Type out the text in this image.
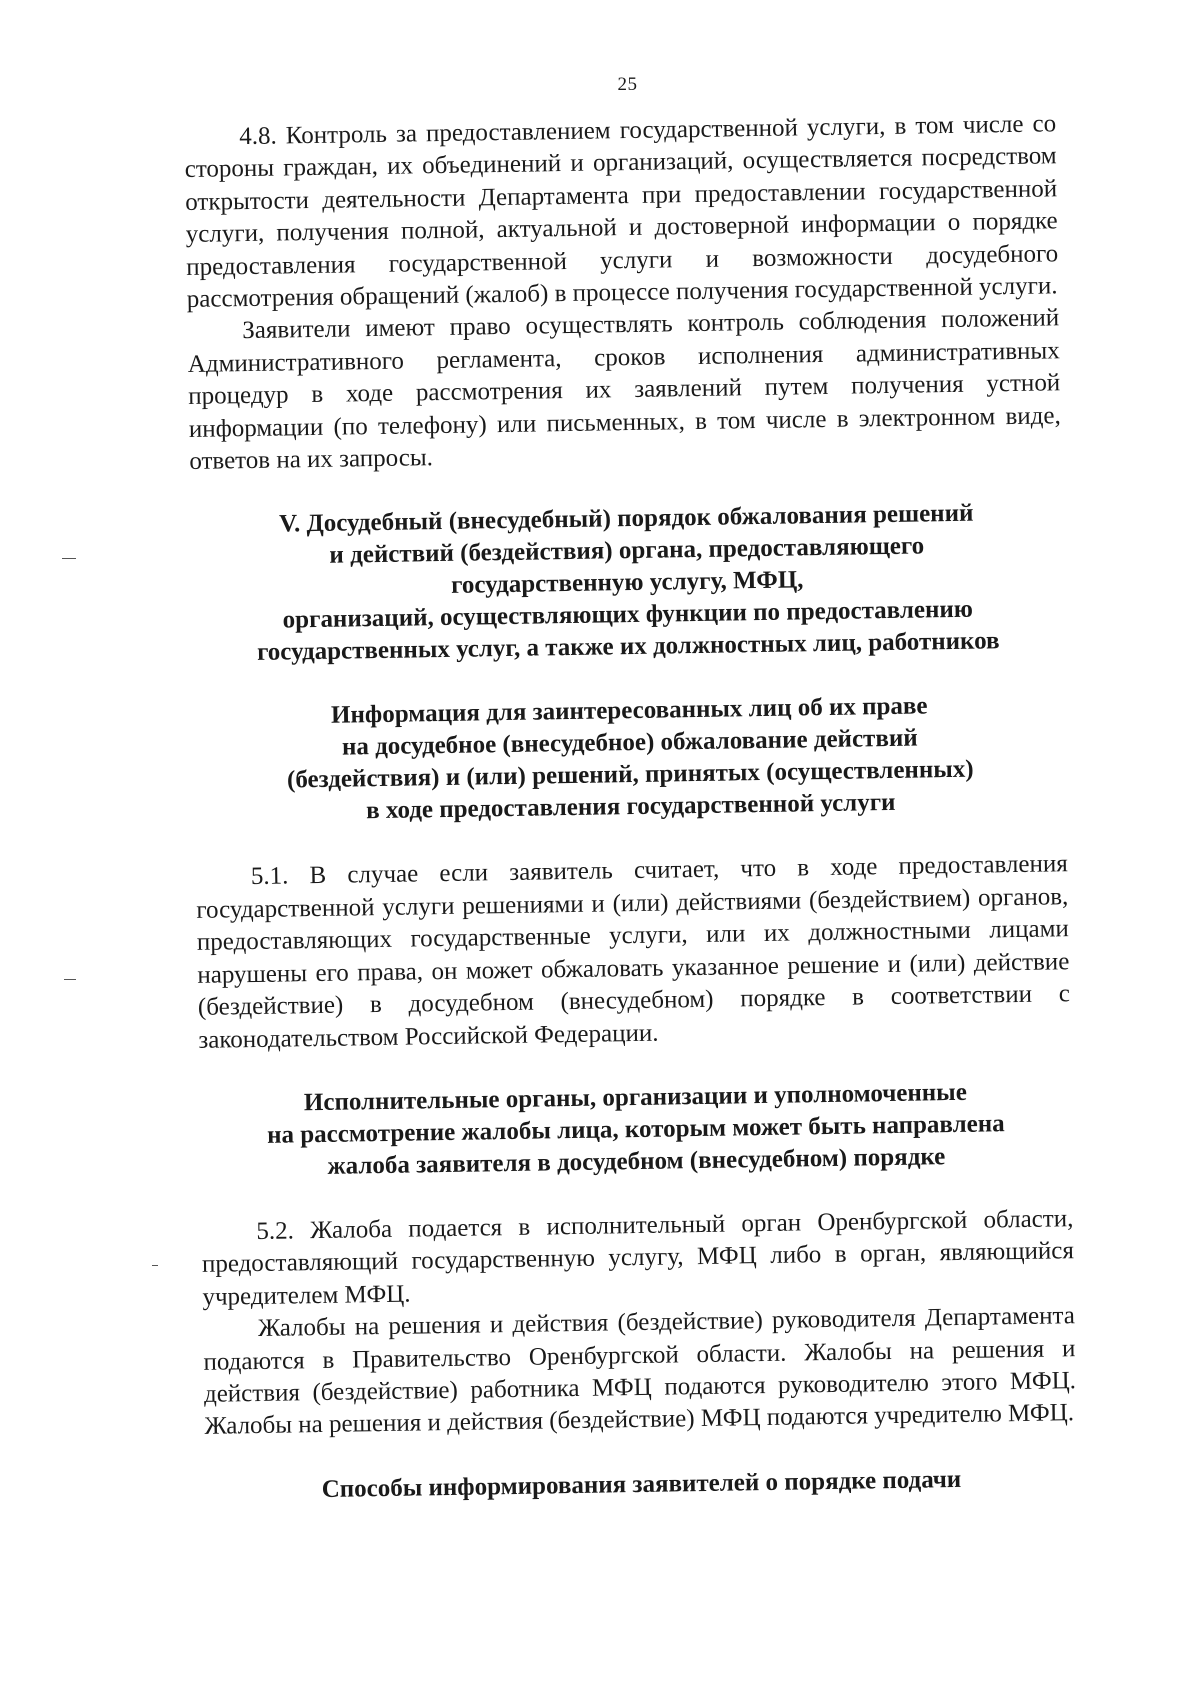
25

4.8. Контроль за предоставлением государственной услуги, в том числе со стороны граждан, их объединений и организаций, осуществляется посредством открытости деятельности Департамента при предоставлении государственной услуги, получения полной, актуальной и достоверной информации о порядке предоставления государственной услуги и возможности досудебного рассмотрения обращений (жалоб) в процессе получения государственной услуги.

Заявители имеют право осуществлять контроль соблюдения положений Административного регламента, сроков исполнения административных процедур в ходе рассмотрения их заявлений путем получения устной информации (по телефону) или письменных, в том числе в электронном виде, ответов на их запросы.

V. Досудебный (внесудебный) порядок обжалования решений

и действий (бездействия) органа, предоставляющего

государственную услугу, МФЦ,

организаций, осуществляющих функции по предоставлению

государственных услуг, а также их должностных лиц, работников

Информация для заинтересованных лиц об их праве

на досудебное (внесудебное) обжалование действий

(бездействия) и (или) решений, принятых (осуществленных)

в ходе предоставления государственной услуги

5.1. В случае если заявитель считает, что в ходе предоставления государственной услуги решениями и (или) действиями (бездействием) органов, предоставляющих государственные услуги, или их должностными лицами нарушены его права, он может обжаловать указанное решение и (или) действие (бездействие) в досудебном (внесудебном) порядке в соответствии с законодательством Российской Федерации.

Исполнительные органы, организации и уполномоченные

на рассмотрение жалобы лица, которым может быть направлена

жалоба заявителя в досудебном (внесудебном) порядке

5.2. Жалоба подается в исполнительный орган Оренбургской области, предоставляющий государственную услугу, МФЦ либо в орган, являющийся учредителем МФЦ.

Жалобы на решения и действия (бездействие) руководителя Департамента подаются в Правительство Оренбургской области. Жалобы на решения и действия (бездействие) работника МФЦ подаются руководителю этого МФЦ. Жалобы на решения и действия (бездействие) МФЦ подаются учредителю МФЦ.

Способы информирования заявителей о порядке подачи
